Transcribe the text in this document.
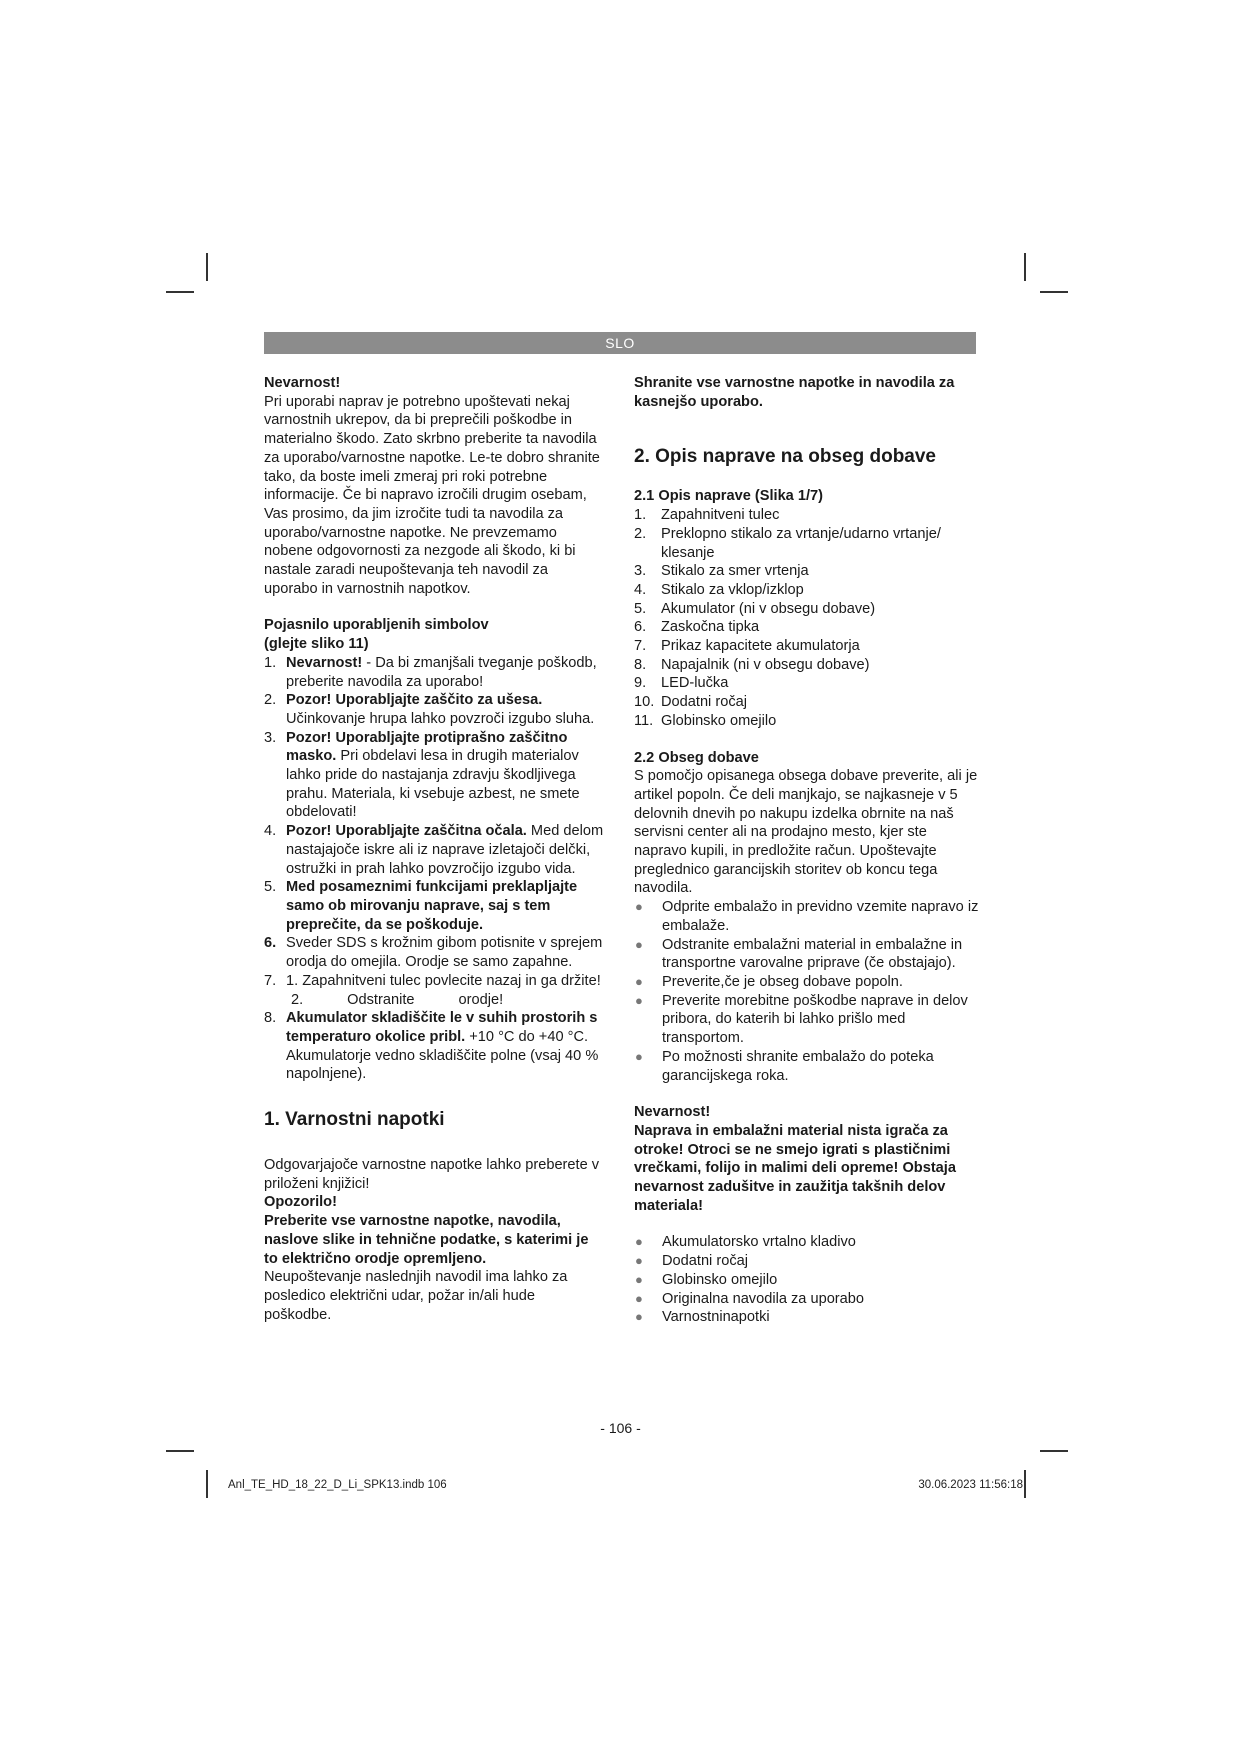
SLO

Nevarnost!

Pri uporabi naprav je potrebno upoštevati nekaj varnostnih ukrepov, da bi preprečili poškodbe in materialno škodo. Zato skrbno preberite ta navodila za uporabo/varnostne napotke. Le-te dobro shranite tako, da boste imeli zmeraj pri roki potrebne informacije. Če bi napravo izročili drugim osebam, Vas prosimo, da jim izročite tudi ta navodila za uporabo/varnostne napotke. Ne prevzemamo nobene odgovornosti za nezgode ali škodo, ki bi nastale zaradi neupoštevanja teh navodil za uporabo in varnostnih napotkov.

Pojasnilo uporabljenih simbolov

(glejte sliko 11)

1. Nevarnost! - Da bi zmanjšali tveganje poškodb, preberite navodila za uporabo!
2. Pozor! Uporabljajte zaščito za ušesa. Učinkovanje hrupa lahko povzroči izgubo sluha.
3. Pozor! Uporabljajte protiprašno zaščitno masko. Pri obdelavi lesa in drugih materialov lahko pride do nastajanja zdravju škodljivega prahu. Materiala, ki vsebuje azbest, ne smete obdelovati!
4. Pozor! Uporabljajte zaščitna očala. Med delom nastajajoče iskre ali iz naprave izletajoči delčki, ostružki in prah lahko povzročijo izgubo vida.
5. Med posameznimi funkcijami preklapljajte samo ob mirovanju naprave, saj s tem preprečite, da se poškoduje.
6. Sveder SDS s krožnim gibom potisnite v sprejem orodja do omejila. Orodje se samo zapahne.
7. 1. Zapahnitveni tulec povlecite nazaj in ga držite!
2.	Odstranite	orodje!
8. Akumulator skladiščite le v suhih prostorih s temperaturo okolice pribl. +10 °C do +40 °C. Akumulatorje vedno skladiščite polne (vsaj 40 % napolnjene).

1. Varnostni napotki

Odgovarjajoče varnostne napotke lahko preberete v priloženi knjižici!

Opozorilo!

Preberite vse varnostne napotke, navodila, naslove slike in tehnične podatke, s katerimi je to električno orodje opremljeno.

Neupoštevanje naslednjih navodil ima lahko za posledico električni udar, požar in/ali hude poškodbe.

Shranite vse varnostne napotke in navodila za kasnejšo uporabo.

2. Opis naprave na obseg dobave

2.1 Opis naprave (Slika 1/7)

1.	Zapahnitveni tulec
2.	Preklopno stikalo za vrtanje/udarno vrtanje/ klesanje
3.	Stikalo za smer vrtenja
4.	Stikalo za vklop/izklop
5.	Akumulator (ni v obsegu dobave)
6.	Zaskočna tipka
7.	Prikaz kapacitete akumulatorja
8.	Napajalnik (ni v obsegu dobave)
9.	LED-lučka
10. Dodatni ročaj
11. Globinsko omejilo

2.2 Obseg dobave

S pomočjo opisanega obsega dobave preverite, ali je artikel popoln. Če deli manjkajo, se najkasneje v 5 delovnih dnevih po nakupu izdelka obrnite na naš servisni center ali na prodajno mesto, kjer ste napravo kupili, in predložite račun. Upoštevajte preglednico garancijskih storitev ob koncu tega navodila.

●	Odprite embalažo in previdno vzemite napravo iz embalaže.
●	Odstranite embalažni material in embalažne in transportne varovalne priprave (če obstajajo).
●	Preverite,če je obseg dobave popoln.
●	Preverite morebitne poškodbe naprave in delov pribora, do katerih bi lahko prišlo med transportom.
●	Po možnosti shranite embalažo do poteka garancijskega roka.

Nevarnost!

Naprava in embalažni material nista igrača za otroke! Otroci se ne smejo igrati s plastičnimi vrečkami, folijo in malimi deli opreme! Obstaja nevarnost zadušitve in zaužitja takšnih delov materiala!

●	Akumulatorsko vrtalno kladivo
●	Dodatni ročaj
●	Globinsko omejilo
●	Originalna navodila za uporabo
●	Varnostninapotki
- 106 -
Anl_TE_HD_18_22_D_Li_SPK13.indb 106	30.06.2023 11:56:18
